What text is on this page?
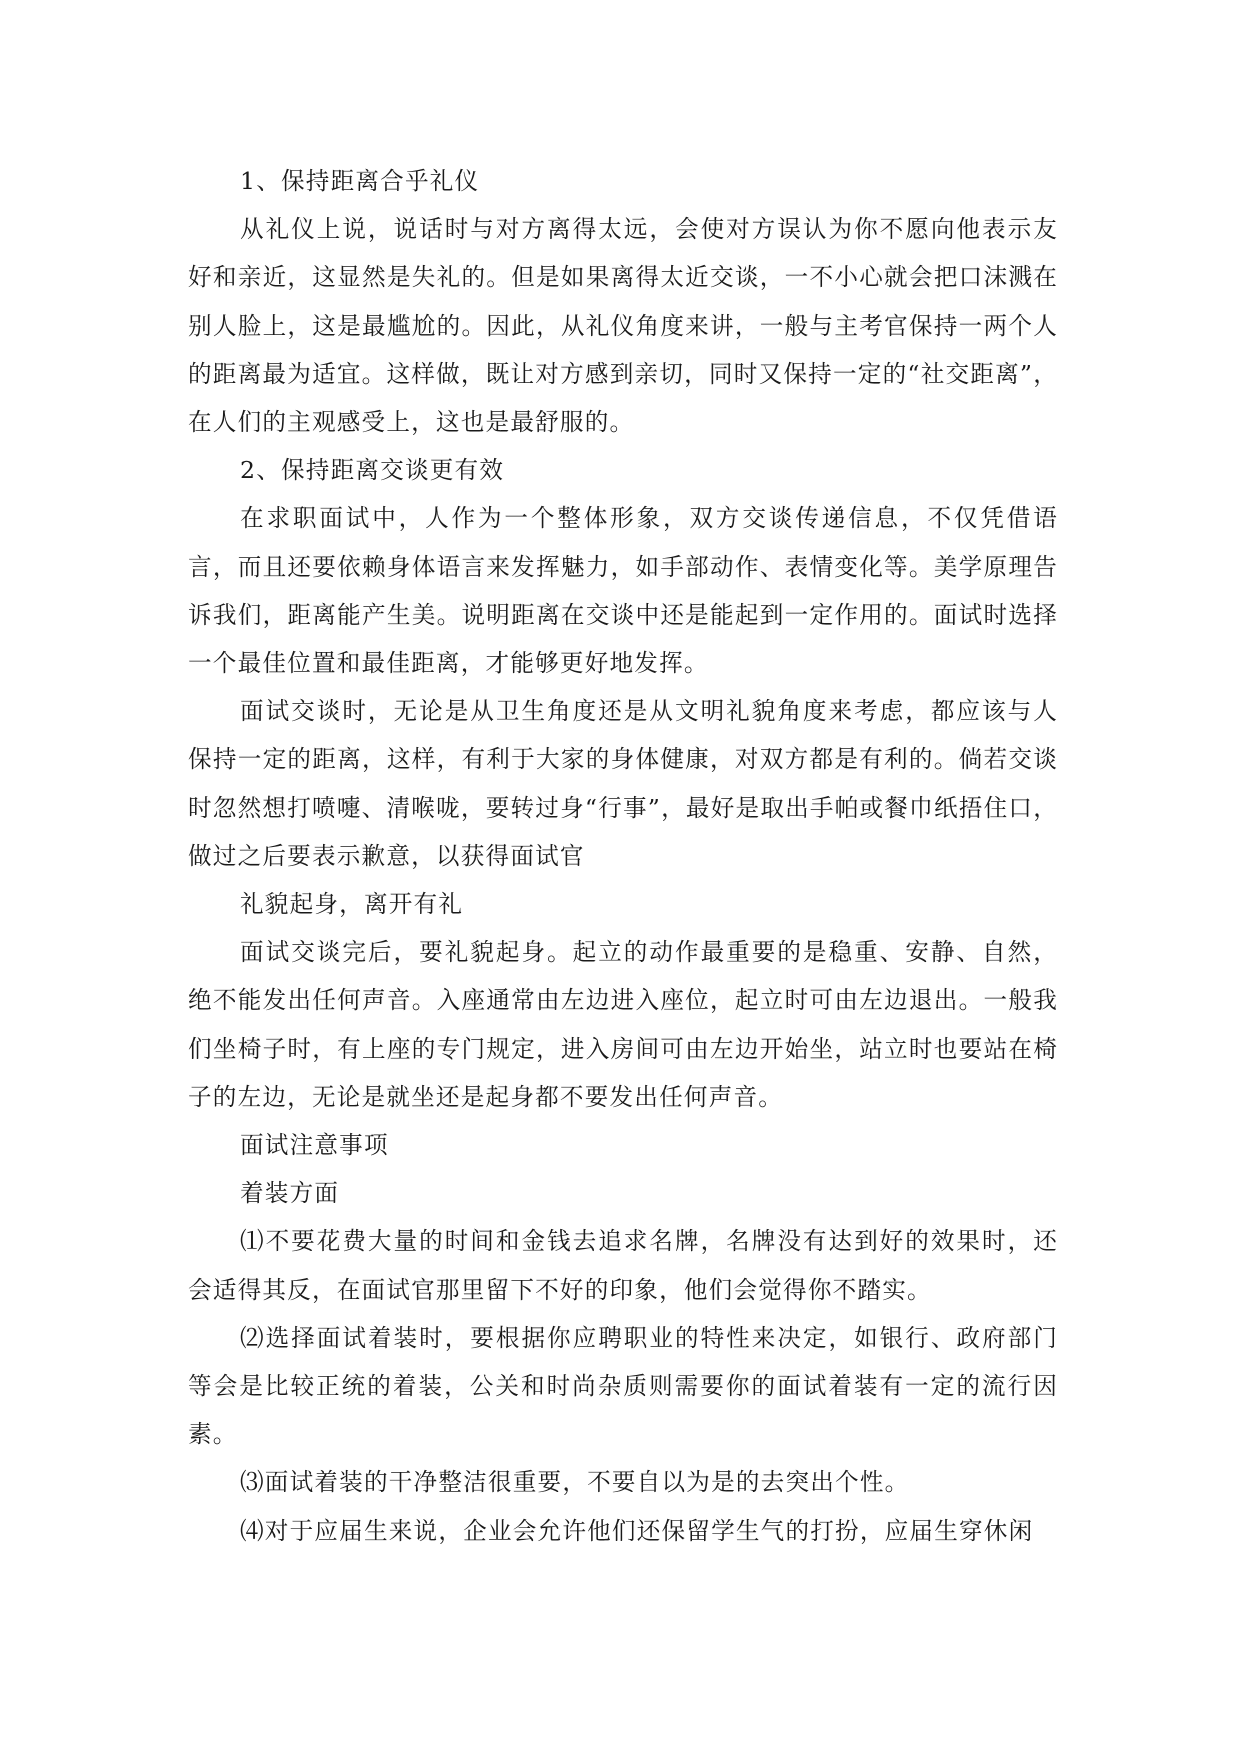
1、保持距离合乎礼仪

从礼仪上说，说话时与对方离得太远，会使对方误认为你不愿向他表示友好和亲近，这显然是失礼的。但是如果离得太近交谈，一不小心就会把口沫溅在别人脸上，这是最尴尬的。因此，从礼仪角度来讲，一般与主考官保持一两个人的距离最为适宜。这样做，既让对方感到亲切，同时又保持一定的“社交距离”，在人们的主观感受上，这也是最舒服的。

2、保持距离交谈更有效

在求职面试中，人作为一个整体形象，双方交谈传递信息，不仅凭借语言，而且还要依赖身体语言来发挥魅力，如手部动作、表情变化等。美学原理告诉我们，距离能产生美。说明距离在交谈中还是能起到一定作用的。面试时选择一个最佳位置和最佳距离，才能够更好地发挥。

面试交谈时，无论是从卫生角度还是从文明礼貌角度来考虑，都应该与人保持一定的距离，这样，有利于大家的身体健康，对双方都是有利的。倘若交谈时忽然想打喷嚏、清喉咙，要转过身“行事”，最好是取出手帕或餐巾纸捂住口，做过之后要表示歉意，以获得面试官

礼貌起身，离开有礼

面试交谈完后，要礼貌起身。起立的动作最重要的是稳重、安静、自然，绝不能发出任何声音。入座通常由左边进入座位，起立时可由左边退出。一般我们坐椅子时，有上座的专门规定，进入房间可由左边开始坐，站立时也要站在椅子的左边，无论是就坐还是起身都不要发出任何声音。

面试注意事项

着装方面

⑴不要花费大量的时间和金钱去追求名牌，名牌没有达到好的效果时，还会适得其反，在面试官那里留下不好的印象，他们会觉得你不踏实。

⑵选择面试着装时，要根据你应聘职业的特性来决定，如银行、政府部门等会是比较正统的着装，公关和时尚杂质则需要你的面试着装有一定的流行因素。

⑶面试着装的干净整洁很重要，不要自以为是的去突出个性。

⑷对于应届生来说，企业会允许他们还保留学生气的打扮，应届生穿休闲
